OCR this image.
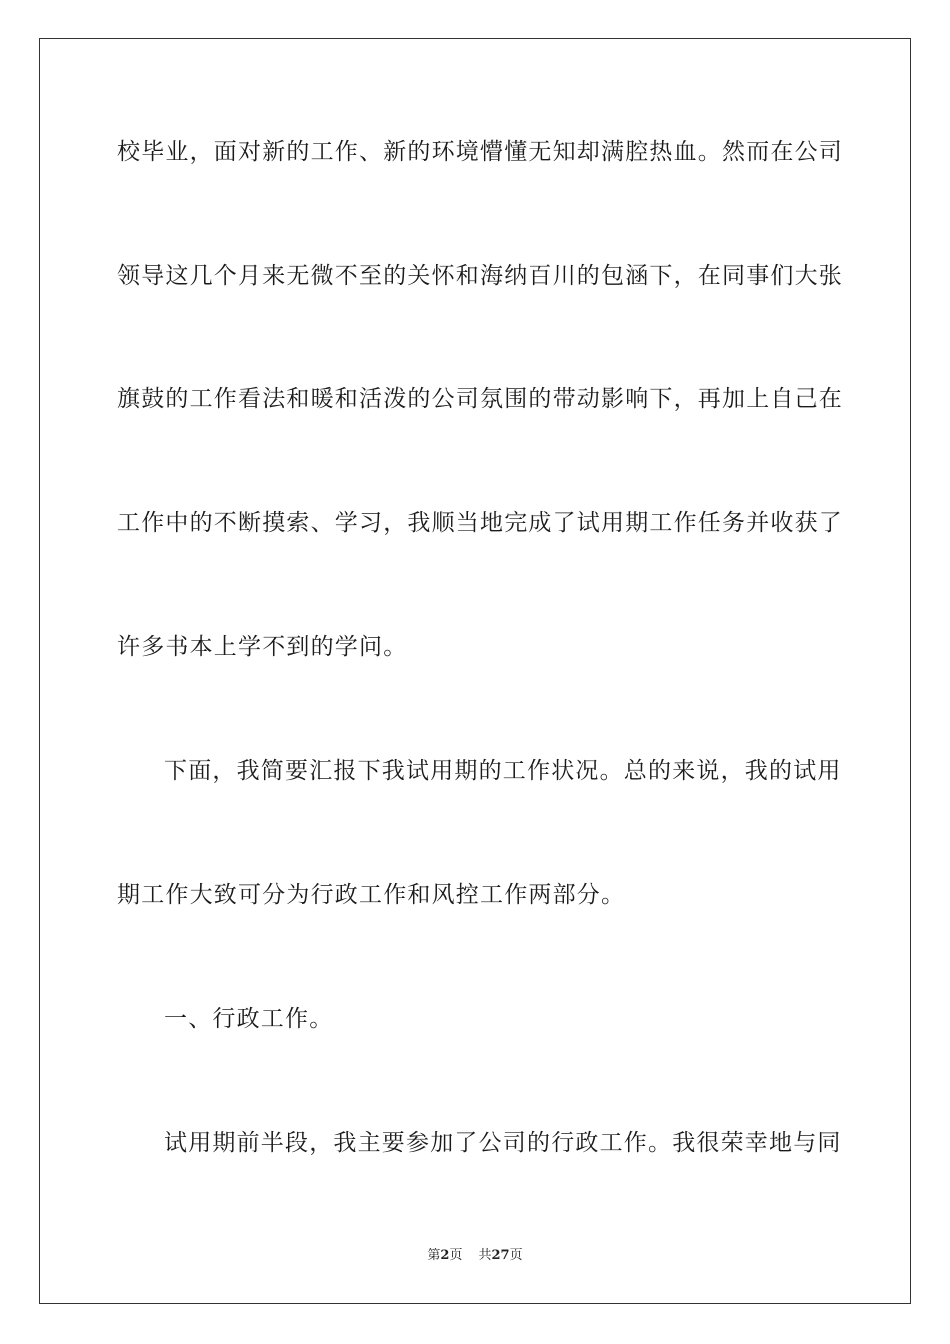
校毕业，面对新的工作、新的环境懵懂无知却满腔热血。然而在公司
领导这几个月来无微不至的关怀和海纳百川的包涵下，在同事们大张
旗鼓的工作看法和暖和活泼的公司氛围的带动影响下，再加上自己在
工作中的不断摸索、学习，我顺当地完成了试用期工作任务并收获了
许多书本上学不到的学问。
下面，我简要汇报下我试用期的工作状况。总的来说，我的试用
期工作大致可分为行政工作和风控工作两部分。
一、行政工作。
试用期前半段，我主要参加了公司的行政工作。我很荣幸地与同
第2页 共27页
